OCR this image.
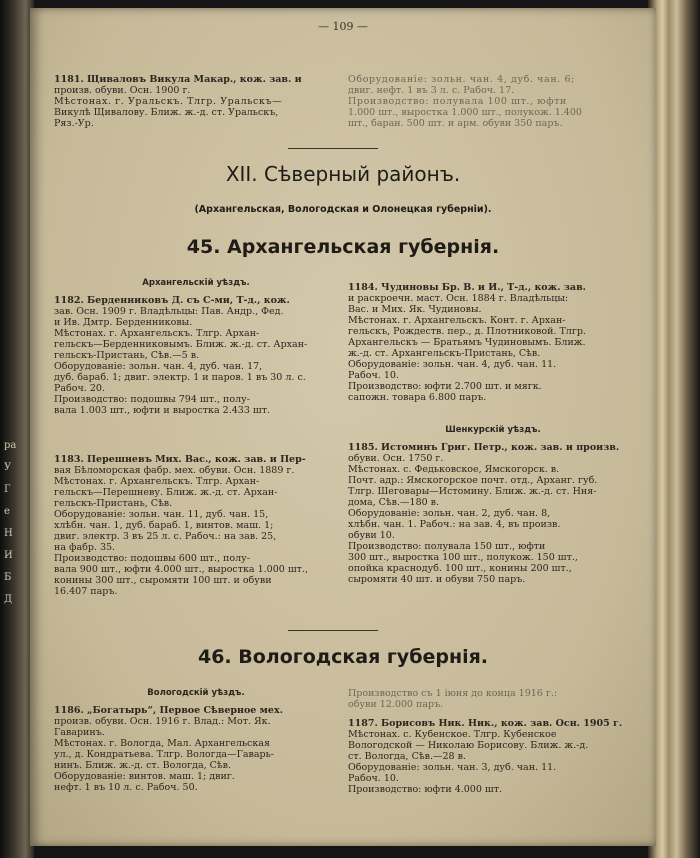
ра
У
Г
е
Н
И
Б
Д
— 109 —

1181. Щиваловъ Викула Макар., кож. зав. и

произв. обуви. Осн. 1900 г.

Мѣстонах. г. Уральскъ. Тлгр. Уральскъ—

Викулѣ Щивалову. Ближ. ж.-д. ст. Уральскъ,

Ряз.-Ур.

Оборудованiе: зольн. чан. 4, дуб. чан. 6;

двиг. нефт. 1 въ 3 л. с. Рабоч. 17.

Производство: полувала 100 шт., юфти

1.000 шт., выростка 1.000 шт., полукож. 1.400

шт., баран. 500 шт. и арм. обуви 350 паръ.

XII. Сѣверный районъ.
(Архангельская, Вологодская и Олонецкая губернiи).
45. Архангельская губернiя.

Архангельскiй уѣздъ.

1182. Берденниковъ Д. съ С-ми, Т-д., кож.

зав. Осн. 1909 г. Владѣльцы: Пав. Андр., Фед.

и Ив. Дмтр. Берденниковы.

Мѣстонах. г. Архангельскъ. Тлгр. Архан-

гельскъ—Берденниковымъ. Ближ. ж.-д. ст. Архан-

гельскъ-Пристань, Сѣв.—5 в.

Оборудованiе: зольн. чан. 4, дуб. чан. 17,

дуб. бараб. 1; двиг. электр. 1 и паров. 1 въ 30 л. с.

Рабоч. 20.

Производство: подошвы 794 шт., полу-

вала 1.003 шт., юфти и выростка 2.433 шт.

1183. Перешневъ Мих. Вас., кож. зав. и Пер-

вая Бѣломорская фабр. мех. обуви. Осн. 1889 г.

Мѣстонах. г. Архангельскъ. Тлгр. Архан-

гельскъ—Перешневу. Ближ. ж.-д. ст. Архан-

гельскъ-Пристань, Сѣв.

Оборудованiе: зольн. чан. 11, дуб. чан. 15,

хлѣбн. чан. 1, дуб. бараб. 1, винтов. маш. 1;

двиг. электр. 3 въ 25 л. с. Рабоч.: на зав. 25,

на фабр. 35.

Производство: подошвы 600 шт., полу-

вала 900 шт., юфти 4.000 шт., выростка 1.000 шт.,

конины 300 шт., сыромяти 100 шт. и обуви

16.407 паръ.

1184. Чудиновы Бр. В. и И., Т-д., кож. зав.

и раскроечн. маст. Осн. 1884 г. Владѣльцы:

Вас. и Мих. Як. Чудиновы.

Мѣстонах. г. Архангельскъ. Конт. г. Архан-

гельскъ, Рождеств. пер., д. Плотниковой. Тлгр.

Архангельскъ — Братьямъ Чудиновымъ. Ближ.

ж.-д. ст. Архангельскъ-Пристань, Сѣв.

Оборудованiе: зольн. чан. 4, дуб. чан. 11.

Рабоч. 10.

Производство: юфти 2.700 шт. и мягк.

сапожн. товара 6.800 паръ.

Шенкурскiй уѣздъ.

1185. Истоминъ Григ. Петр., кож. зав. и произв.

обуви. Осн. 1750 г.

Мѣстонах. с. Федьковское, Ямскогорск. в.

Почт. адр.: Ямскогорское почт. отд., Арханг. губ.

Тлгр. Шеговары—Истомину. Ближ. ж.-д. ст. Ння-

дома, Сѣв.—180 в.

Оборудованiе: зольн. чан. 2, дуб. чан. 8,

хлѣбн. чан. 1. Рабоч.: на зав. 4, въ произв.

обуви 10.

Производство: полувала 150 шт., юфти

300 шт., выростка 100 шт., полукож. 150 шт.,

опойка краснодуб. 100 шт., конины 200 шт.,

сыромяти 40 шт. и обуви 750 паръ.

46. Вологодская губернiя.

Вологодскiй уѣздъ.

1186. „Богатырь“, Первое Сѣверное мех.

произв. обуви. Осн. 1916 г. Влад.: Мот. Як.

Гаваринъ.

Мѣстонах. г. Вологда, Мал. Архангельская

ул., д. Кондратьева. Тлгр. Вологда—Гаварь-

нинъ. Ближ. ж.-д. ст. Вологда, Сѣв.

Оборудованiе: винтов. маш. 1; двиг.

нефт. 1 въ 10 л. с. Рабоч. 50.

Производство съ 1 iюня до конца 1916 г.:

обуви 12.000 паръ.

1187. Борисовъ Ник. Ник., кож. зав. Осн. 1905 г.

Мѣстонах. с. Кубенское. Тлгр. Кубенское

Вологодской — Николаю Борисову. Ближ. ж.-д.

ст. Вологда, Сѣв.—28 в.

Оборудованiе: зольн. чан. 3, дуб. чан. 11.

Рабоч. 10.

Производство: юфти 4.000 шт.
